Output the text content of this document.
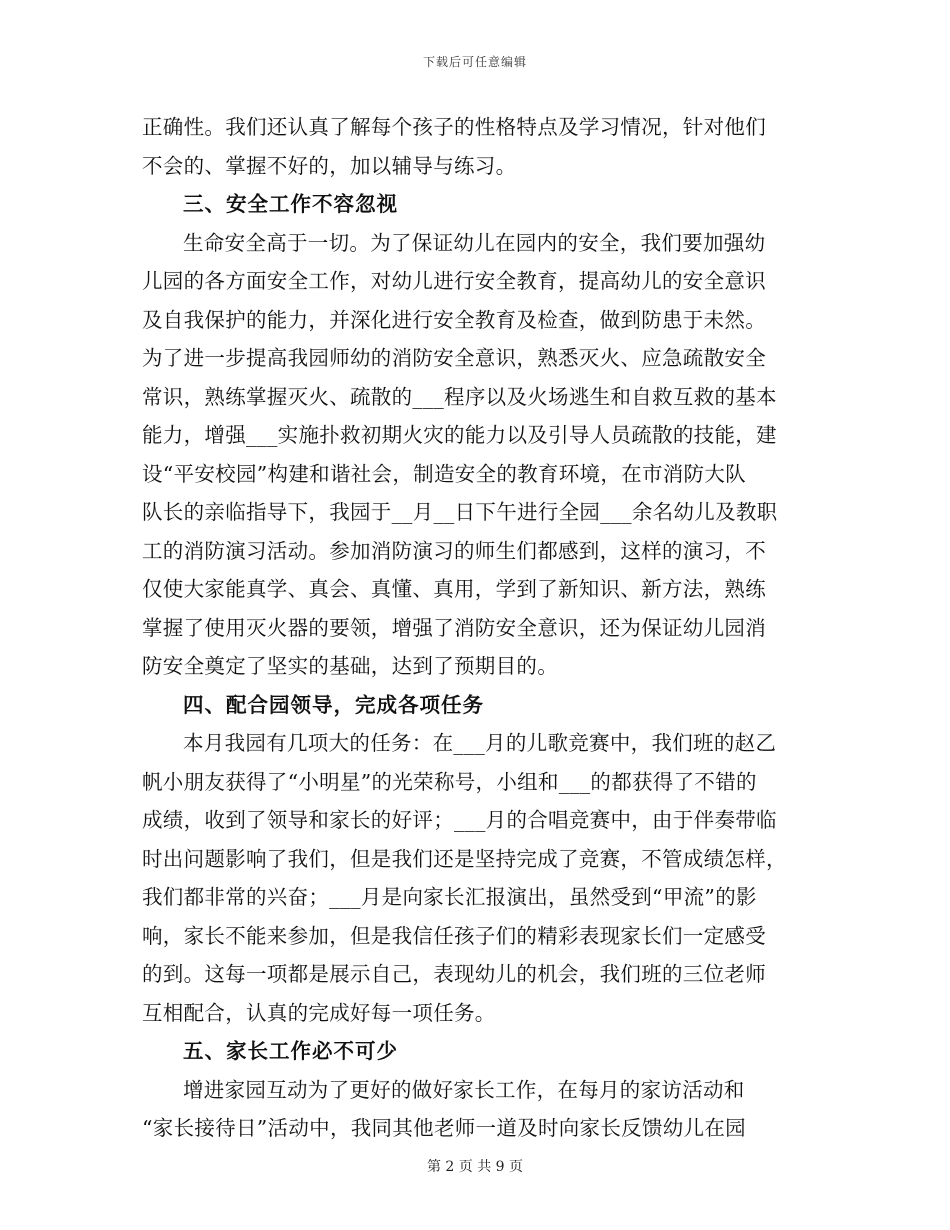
下载后可任意编辑
正确性。我们还认真了解每个孩子的性格特点及学习情况，针对他们
不会的、掌握不好的，加以辅导与练习。
三、安全工作不容忽视
生命安全高于一切。为了保证幼儿在园内的安全，我们要加强幼
儿园的各方面安全工作，对幼儿进行安全教育，提高幼儿的安全意识
及自我保护的能力，并深化进行安全教育及检查，做到防患于未然。
为了进一步提高我园师幼的消防安全意识，熟悉灭火、应急疏散安全
常识，熟练掌握灭火、疏散的___程序以及火场逃生和自救互救的基本
能力，增强___实施扑救初期火灾的能力以及引导人员疏散的技能，建
设“平安校园”构建和谐社会，制造安全的教育环境，在市消防大队
队长的亲临指导下，我园于__月__日下午进行全园___余名幼儿及教职
工的消防演习活动。参加消防演习的师生们都感到，这样的演习，不
仅使大家能真学、真会、真懂、真用，学到了新知识、新方法，熟练
掌握了使用灭火器的要领，增强了消防安全意识，还为保证幼儿园消
防安全奠定了坚实的基础，达到了预期目的。
四、配合园领导，完成各项任务
本月我园有几项大的任务：在___月的儿歌竞赛中，我们班的赵乙
帆小朋友获得了“小明星”的光荣称号，小组和___的都获得了不错的
成绩，收到了领导和家长的好评；___月的合唱竞赛中，由于伴奏带临
时出问题影响了我们，但是我们还是坚持完成了竞赛，不管成绩怎样，
我们都非常的兴奋；___月是向家长汇报演出，虽然受到“甲流”的影
响，家长不能来参加，但是我信任孩子们的精彩表现家长们一定感受
的到。这每一项都是展示自己，表现幼儿的机会，我们班的三位老师
互相配合，认真的完成好每一项任务。
五、家长工作必不可少
增进家园互动为了更好的做好家长工作，在每月的家访活动和
“家长接待日”活动中，我同其他老师一道及时向家长反馈幼儿在园
第 2 页 共 9 页
